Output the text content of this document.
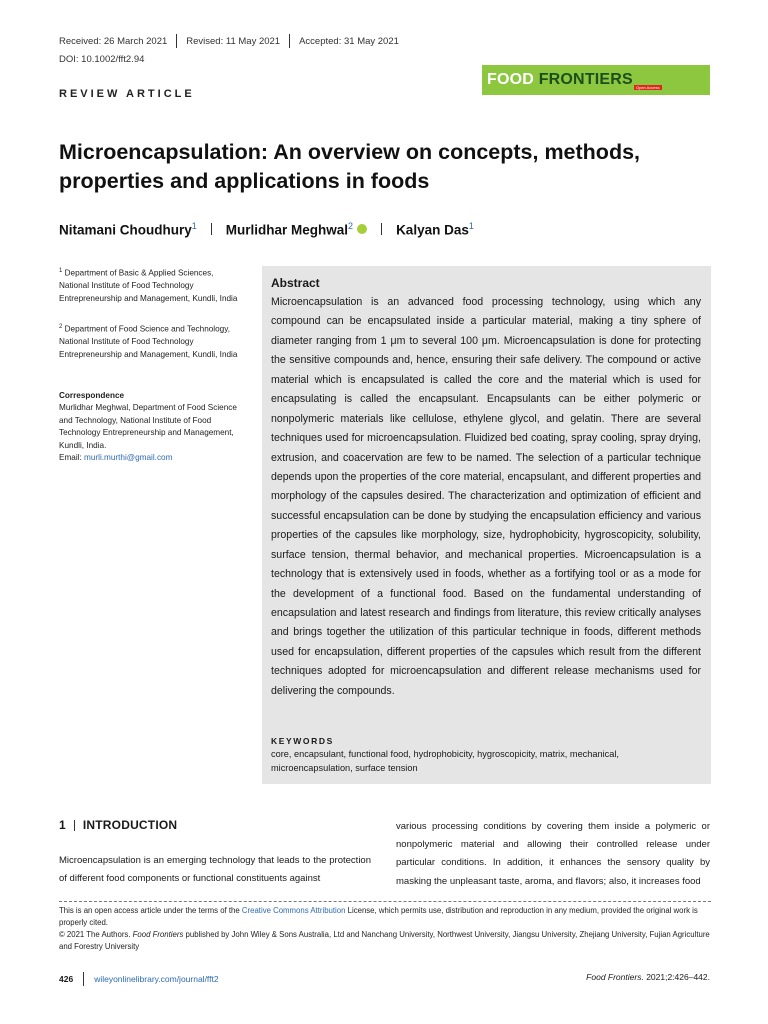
Received: 26 March 2021	Revised: 11 May 2021	Accepted: 31 May 2021
DOI: 10.1002/fft2.94
REVIEW ARTICLE
FOOD FRONTIERS Open Access
Microencapsulation: An overview on concepts, methods, properties and applications in foods
Nitamani Choudhury$^1$ Murlidhar Meghwal$^2$	Kalyan Das$^1$
$^1$ Department of Basic & Applied Sciences, National Institute of Food Technology Entrepreneurship and Management, Kundli, India
$^2$ Department of Food Science and Technology, National Institute of Food Technology Entrepreneurship and Management, Kundli, India
Correspondence
Murlidhar Meghwal, Department of Food Science and Technology, National Institute of Food Technology Entrepreneurship and Management, Kundli, India.
Email: murli.murthi@gmail.com
Abstract
Microencapsulation is an advanced food processing technology, using which any compound can be encapsulated inside a particular material, making a tiny sphere of diameter ranging from 1 μm to several 100 μm. Microencapsulation is done for protecting the sensitive compounds and, hence, ensuring their safe delivery. The compound or active material which is encapsulated is called the core and the material which is used for encapsulating is called the encapsulant. Encapsulants can be either polymeric or nonpolymeric materials like cellulose, ethylene glycol, and gelatin. There are several techniques used for microencapsulation. Fluidized bed coating, spray cooling, spray drying, extrusion, and coacervation are few to be named. The selection of a particular technique depends upon the properties of the core material, encapsulant, and different properties and morphology of the capsules desired. The characterization and optimization of efficient and successful encapsulation can be done by studying the encapsulation efficiency and various properties of the capsules like morphology, size, hydrophobicity, hygroscopicity, solubility, surface tension, thermal behavior, and mechanical properties. Microencapsulation is a technology that is extensively used in foods, whether as a fortifying tool or as a mode for the development of a functional food. Based on the fundamental understanding of encapsulation and latest research and findings from literature, this review critically analyses and brings together the utilization of this particular technique in foods, different methods used for encapsulation, different properties of the capsules which result from the different techniques adopted for microencapsulation and different release mechanisms used for delivering the compounds.
KEYWORDS
core, encapsulant, functional food, hydrophobicity, hygroscopicity, matrix, mechanical, microencapsulation, surface tension
1 INTRODUCTION
Microencapsulation is an emerging technology that leads to the protection of different food components or functional constituents against
various processing conditions by covering them inside a polymeric or nonpolymeric material and allowing their controlled release under particular conditions. In addition, it enhances the sensory quality by masking the unpleasant taste, aroma, and flavors; also, it increases food
This is an open access article under the terms of the Creative Commons Attribution License, which permits use, distribution and reproduction in any medium, provided the original work is properly cited.
© 2021 The Authors. Food Frontiers published by John Wiley & Sons Australia, Ltd and Nanchang University, Northwest University, Jiangsu University, Zhejiang University, Fujian Agriculture and Forestry University
426 wileyonlinelibrary.com/journal/fft2	Food Frontiers. 2021;2:426–442.
